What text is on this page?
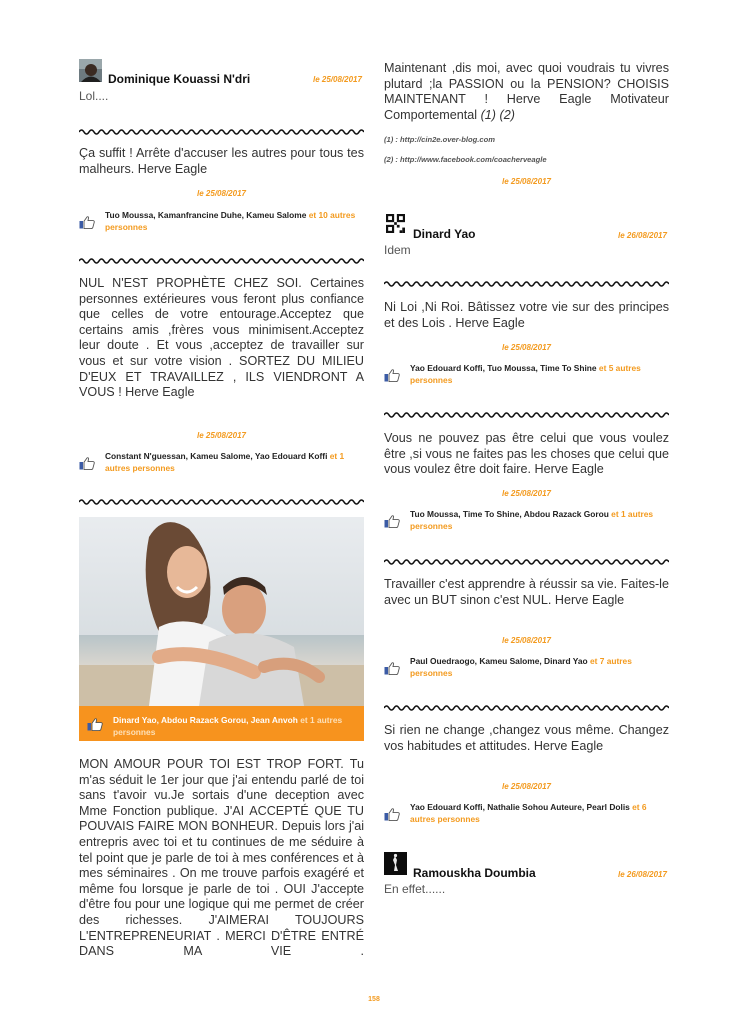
Dominique Kouassi N'dri	le 25/08/2017
Lol....
Ça suffit ! Arrête d'accuser les autres pour tous tes malheurs. Herve Eagle
le 25/08/2017
Tuo Moussa, Kamanfrancine Duhe, Kameu Salome et 10 autres personnes
NUL N'EST PROPHÈTE CHEZ SOI. Certaines personnes extérieures vous feront plus confiance que celles de votre entourage.Acceptez que certains amis ,frères vous minimisent.Acceptez leur doute . Et vous ,acceptez de travailler sur vous et sur votre vision . SORTEZ DU MILIEU D'EUX ET TRAVAILLEZ , ILS VIENDRONT A VOUS ! Herve Eagle
le 25/08/2017
Constant N'guessan, Kameu Salome, Yao Edouard Koffi et 1 autres personnes
Dinard Yao, Abdou Razack Gorou, Jean Anvoh et 1 autres personnes
MON AMOUR POUR TOI EST TROP FORT. Tu m'as séduit le 1er jour que j'ai entendu parlé de toi sans t'avoir vu.Je sortais d'une deception avec Mme Fonction publique. J'AI ACCEPTÉ QUE TU POUVAIS FAIRE MON BONHEUR. Depuis lors j'ai entrepris avec toi et tu continues de me séduire à tel point que je parle de toi à mes conférences et à mes séminaires . On me trouve parfois exagéré et même fou lorsque je parle de toi . OUI J'accepte d'être fou pour une logique qui me permet de créer des richesses. J'AIMERAI TOUJOURS L'ENTREPRENEURIAT . MERCI D'ÊTRE ENTRÉ DANS MA VIE .
Maintenant ,dis moi, avec quoi voudrais tu vivres plutard ;la PASSION ou la PENSION? CHOISIS MAINTENANT ! Herve Eagle Motivateur Comportemental (1) (2)
(1) : http://cin2e.over-blog.com
(2) : http://www.facebook.com/coacherveagle
le 25/08/2017
Dinard Yao	le 26/08/2017
Idem
Ni Loi ,Ni Roi. Bâtissez votre vie sur des principes et des Lois . Herve Eagle
le 25/08/2017
Yao Edouard Koffi, Tuo Moussa, Time To Shine et 5 autres personnes
Vous ne pouvez pas être celui que vous voulez être ,si vous ne faites pas les choses que celui que vous voulez être doit faire. Herve Eagle
le 25/08/2017
Tuo Moussa, Time To Shine, Abdou Razack Gorou et 1 autres personnes
Travailler c'est apprendre à réussir sa vie. Faites-le avec un BUT sinon c'est NUL. Herve Eagle
le 25/08/2017
Paul Ouedraogo, Kameu Salome, Dinard Yao et 7 autres personnes
Si rien ne change ,changez vous même. Changez vos habitudes et attitudes. Herve Eagle
le 25/08/2017
Yao Edouard Koffi, Nathalie Sohou Auteure, Pearl Dolis et 6 autres personnes
Ramouskha Doumbia	le 26/08/2017
En effet......
158
